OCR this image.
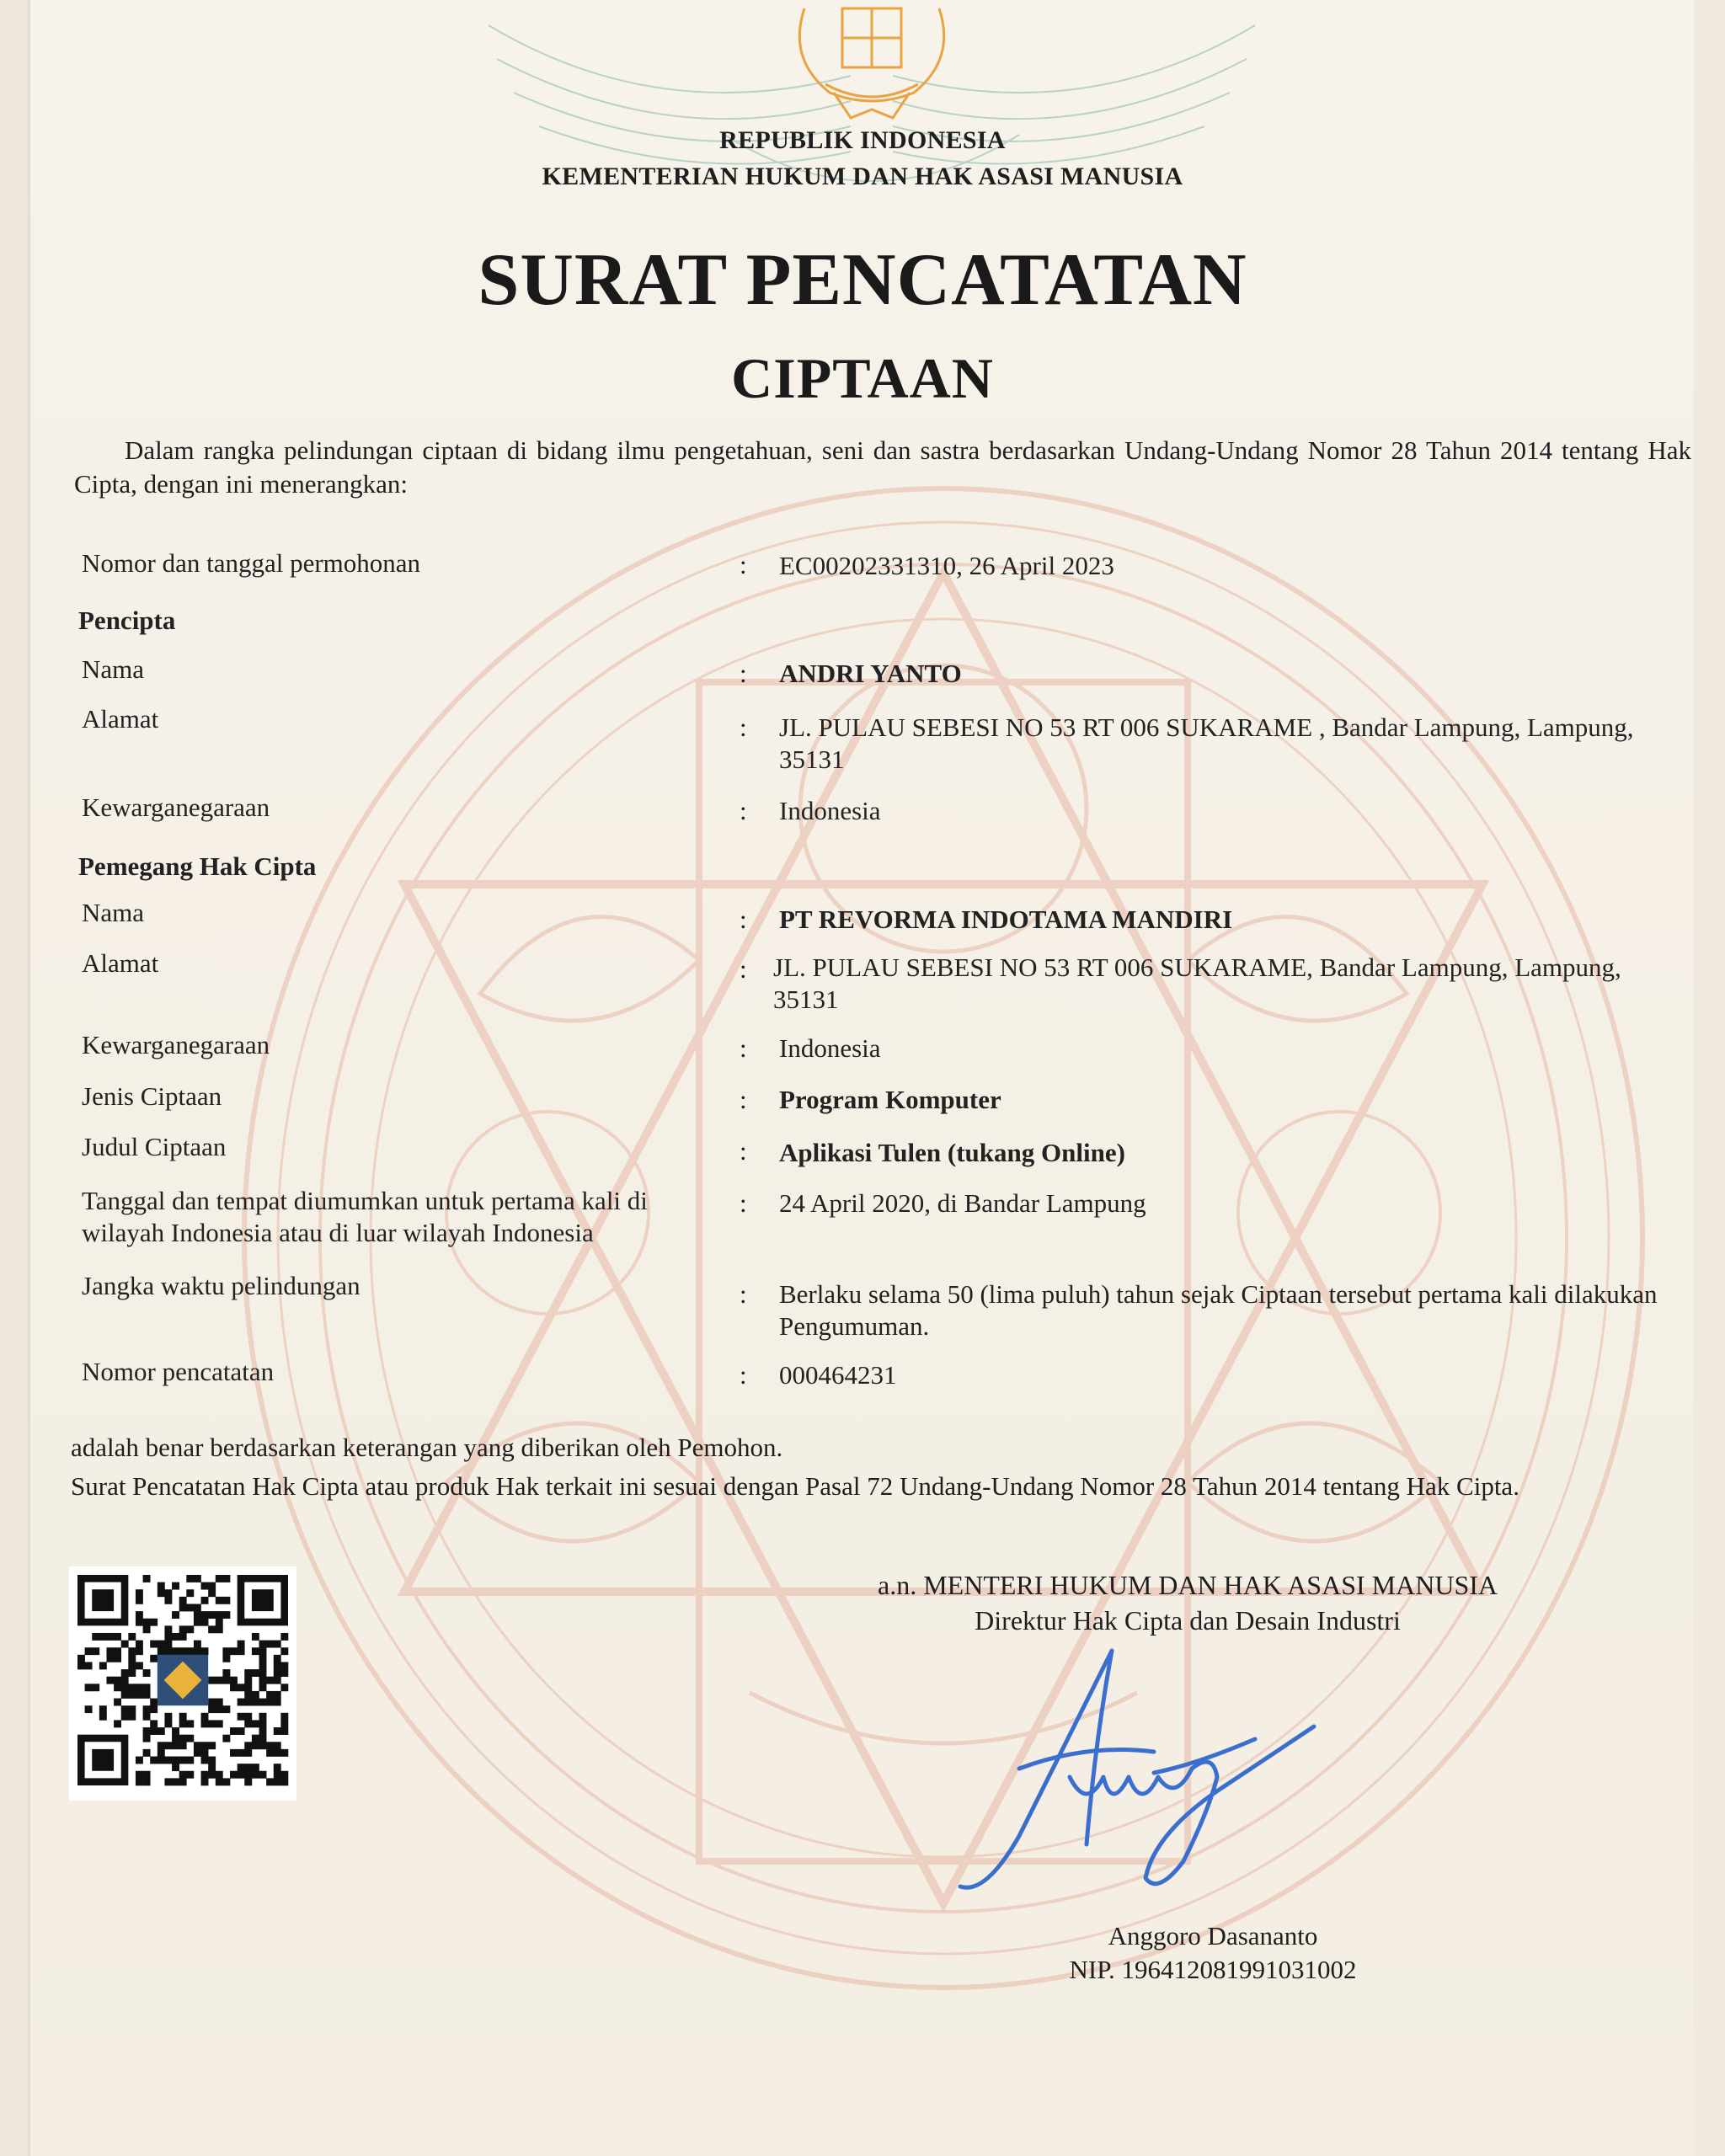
REPUBLIK INDONESIA
KEMENTERIAN HUKUM DAN HAK ASASI MANUSIA
SURAT PENCATATAN
CIPTAAN
Dalam rangka pelindungan ciptaan di bidang ilmu pengetahuan, seni dan sastra berdasarkan Undang-Undang Nomor 28 Tahun 2014 tentang Hak Cipta, dengan ini menerangkan:
Nomor dan tanggal permohonan	: EC00202331310, 26 April 2023
Pencipta
Nama	: ANDRI YANTO
Alamat	: JL. PULAU SEBESI NO 53 RT 006 SUKARAME , Bandar Lampung, Lampung, 35131
Kewarganegaraan	: Indonesia
Pemegang Hak Cipta
Nama	: PT REVORMA INDOTAMA MANDIRI
Alamat	: JL. PULAU SEBESI NO 53 RT 006 SUKARAME, Bandar Lampung, Lampung, 35131
Kewarganegaraan	: Indonesia
Jenis Ciptaan	: Program Komputer
Judul Ciptaan	: Aplikasi Tulen (tukang Online)
Tanggal dan tempat diumumkan untuk pertama kali di wilayah Indonesia atau di luar wilayah Indonesia
: 24 April 2020, di Bandar Lampung
Jangka waktu pelindungan	: Berlaku selama 50 (lima puluh) tahun sejak Ciptaan tersebut pertama kali dilakukan Pengumuman.
Nomor pencatatan	: 000464231
adalah benar berdasarkan keterangan yang diberikan oleh Pemohon.
Surat Pencatatan Hak Cipta atau produk Hak terkait ini sesuai dengan Pasal 72 Undang-Undang Nomor 28 Tahun 2014 tentang Hak Cipta.
a.n. MENTERI HUKUM DAN HAK ASASI MANUSIA
Direktur Hak Cipta dan Desain Industri
Anggoro Dasananto
NIP. 196412081991031002
